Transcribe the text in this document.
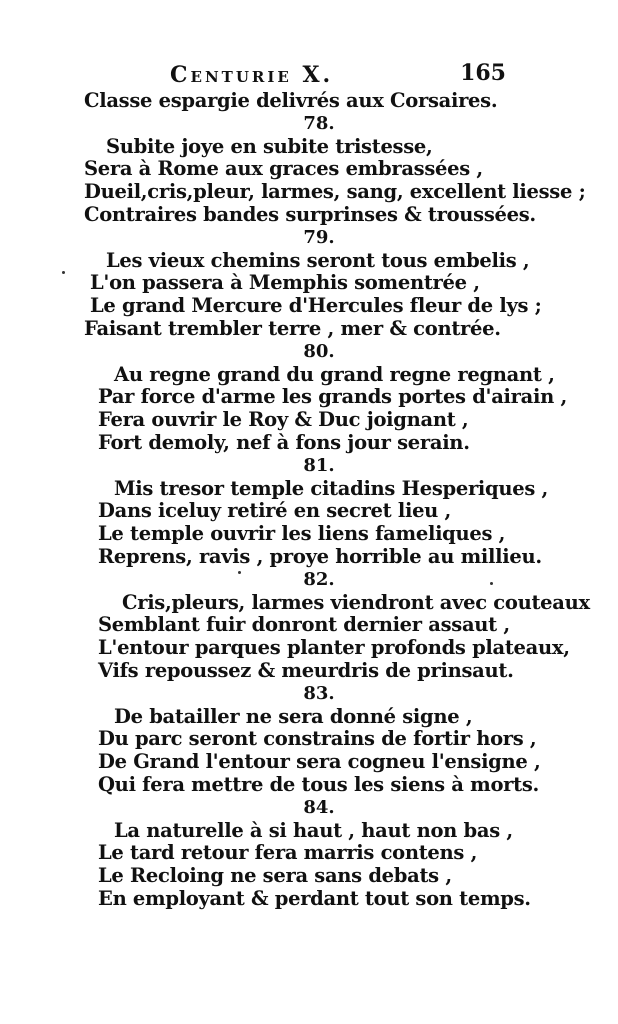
Centurie X.	165
Classe espargie delivrés aux Corsaires.
78.
Subite joye en subite tristesse,
Sera à Rome aux graces embrassées ,
Dueil,cris,pleur, larmes, sang, excellent liesse ;
Contraires bandes surprinses & troussées.
79.
Les vieux chemins seront tous embelis ,
L'on passera à Memphis somentrée ,
Le grand Mercure d'Hercules fleur de lys ;
Faisant trembler terre , mer & contrée.
80.
Au regne grand du grand regne regnant ,
Par force d'arme les grands portes d'airain ,
Fera ouvrir le Roy & Duc joignant ,
Fort demoly, nef à fons jour serain.
81.
Mis tresor temple citadins Hesperiques ,
Dans iceluy retiré en secret lieu ,
Le temple ouvrir les liens fameliques ,
Reprens, ravis , proye horrible au millieu.
82.
Cris,pleurs, larmes viendront avec couteaux
Semblant fuir donront dernier assaut ,
L'entour parques planter profonds plateaux,
Vifs repoussez & meurdris de prinsaut.
83.
De batailler ne sera donné signe ,
Du parc seront constrains de fortir hors ,
De Grand l'entour sera cogneu l'ensigne ,
Qui fera mettre de tous les siens à morts.
84.
La naturelle à si haut , haut non bas ,
Le tard retour fera marris contens ,
Le Recloing ne sera sans debats ,
En employant & perdant tout son temps.
